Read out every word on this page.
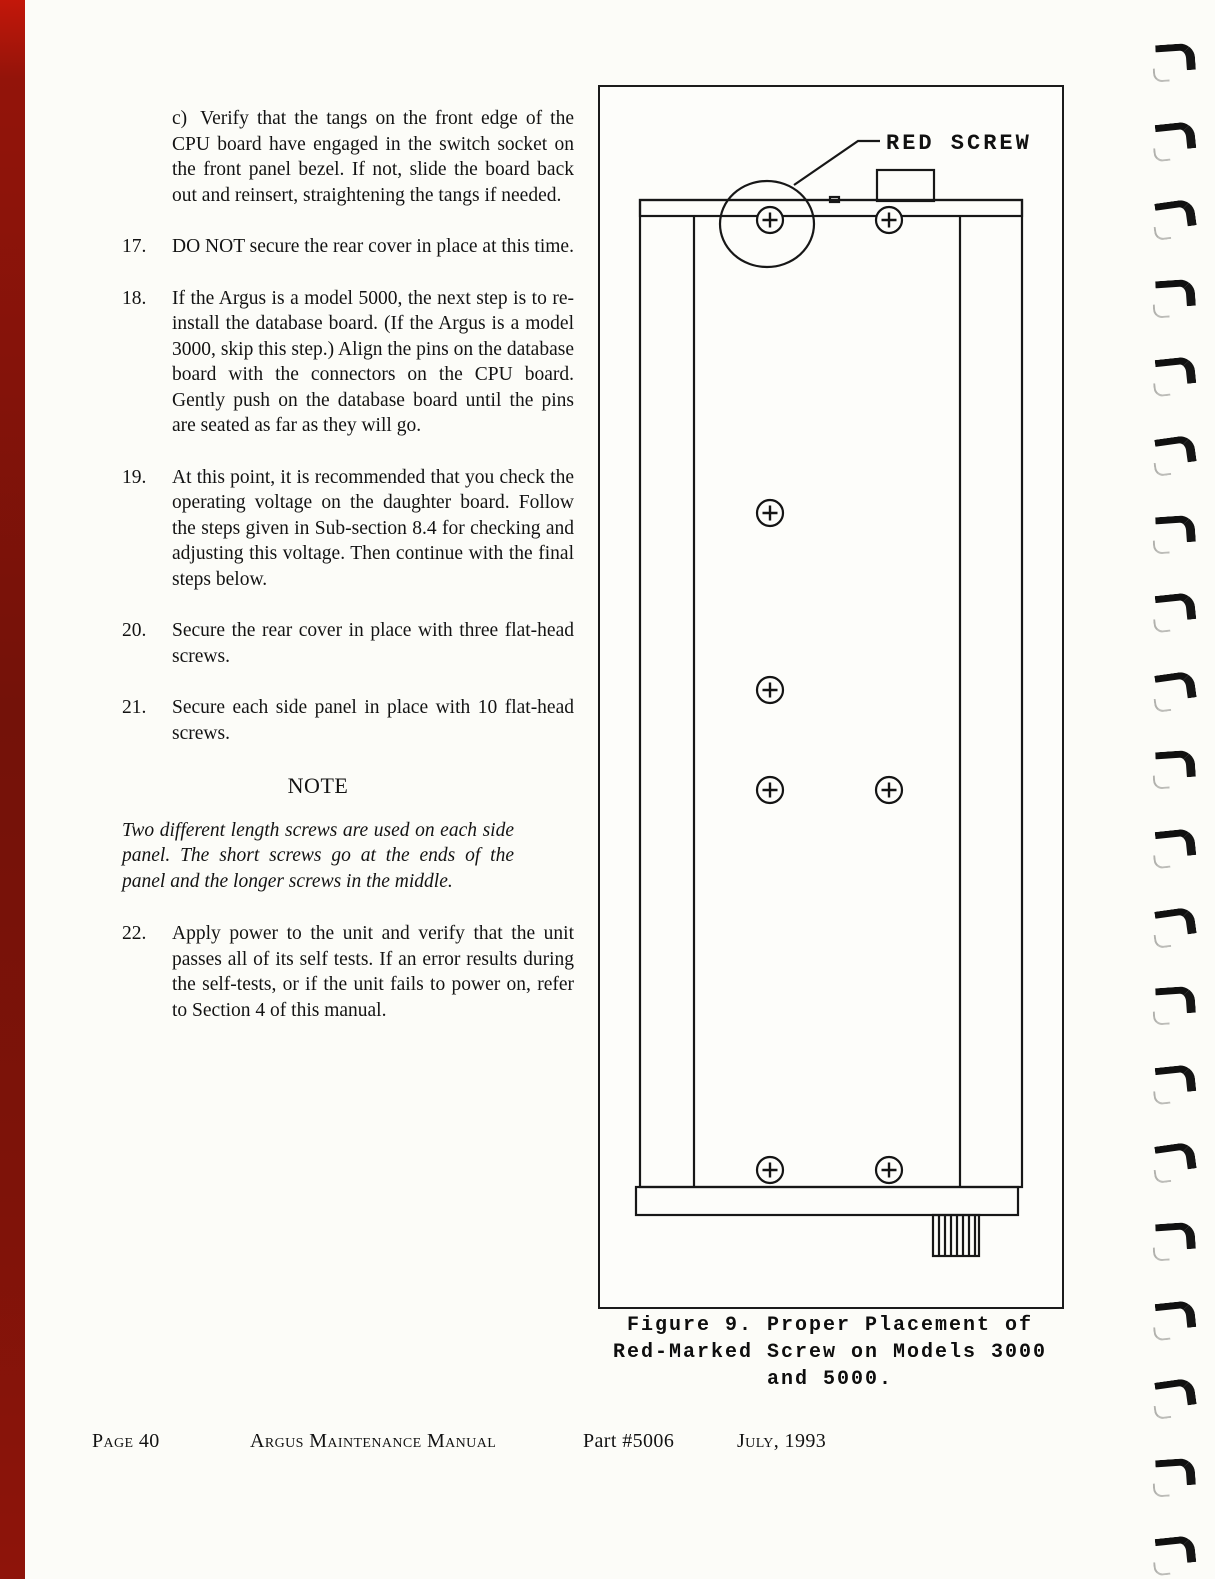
c) Verify that the tangs on the front edge of the CPU board have engaged in the switch socket on the front panel bezel. If not, slide the board back out and reinsert, straightening the tangs if needed.
17.	DO NOT secure the rear cover in place at this time.
18.	If the Argus is a model 5000, the next step is to re-install the database board. (If the Argus is a model 3000, skip this step.) Align the pins on the database board with the connectors on the CPU board. Gently push on the database board until the pins are seated as far as they will go.
19.	At this point, it is recommended that you check the operating voltage on the daughter board. Follow the steps given in Sub-section 8.4 for checking and adjusting this voltage. Then continue with the final steps below.
20.	Secure the rear cover in place with three flat-head screws.
21.	Secure each side panel in place with 10 flat-head screws.
NOTE
Two different length screws are used on each side panel. The short screws go at the ends of the panel and the longer screws in the middle.
22.	Apply power to the unit and verify that the unit passes all of its self tests. If an error results during the self-tests, or if the unit fails to power on, refer to Section 4 of this manual.
RED SCREW
Figure 9. Proper Placement of
Red-Marked Screw on Models 3000
and 5000.
Page 40	Argus Maintenance Manual	Part #5006	July, 1993
